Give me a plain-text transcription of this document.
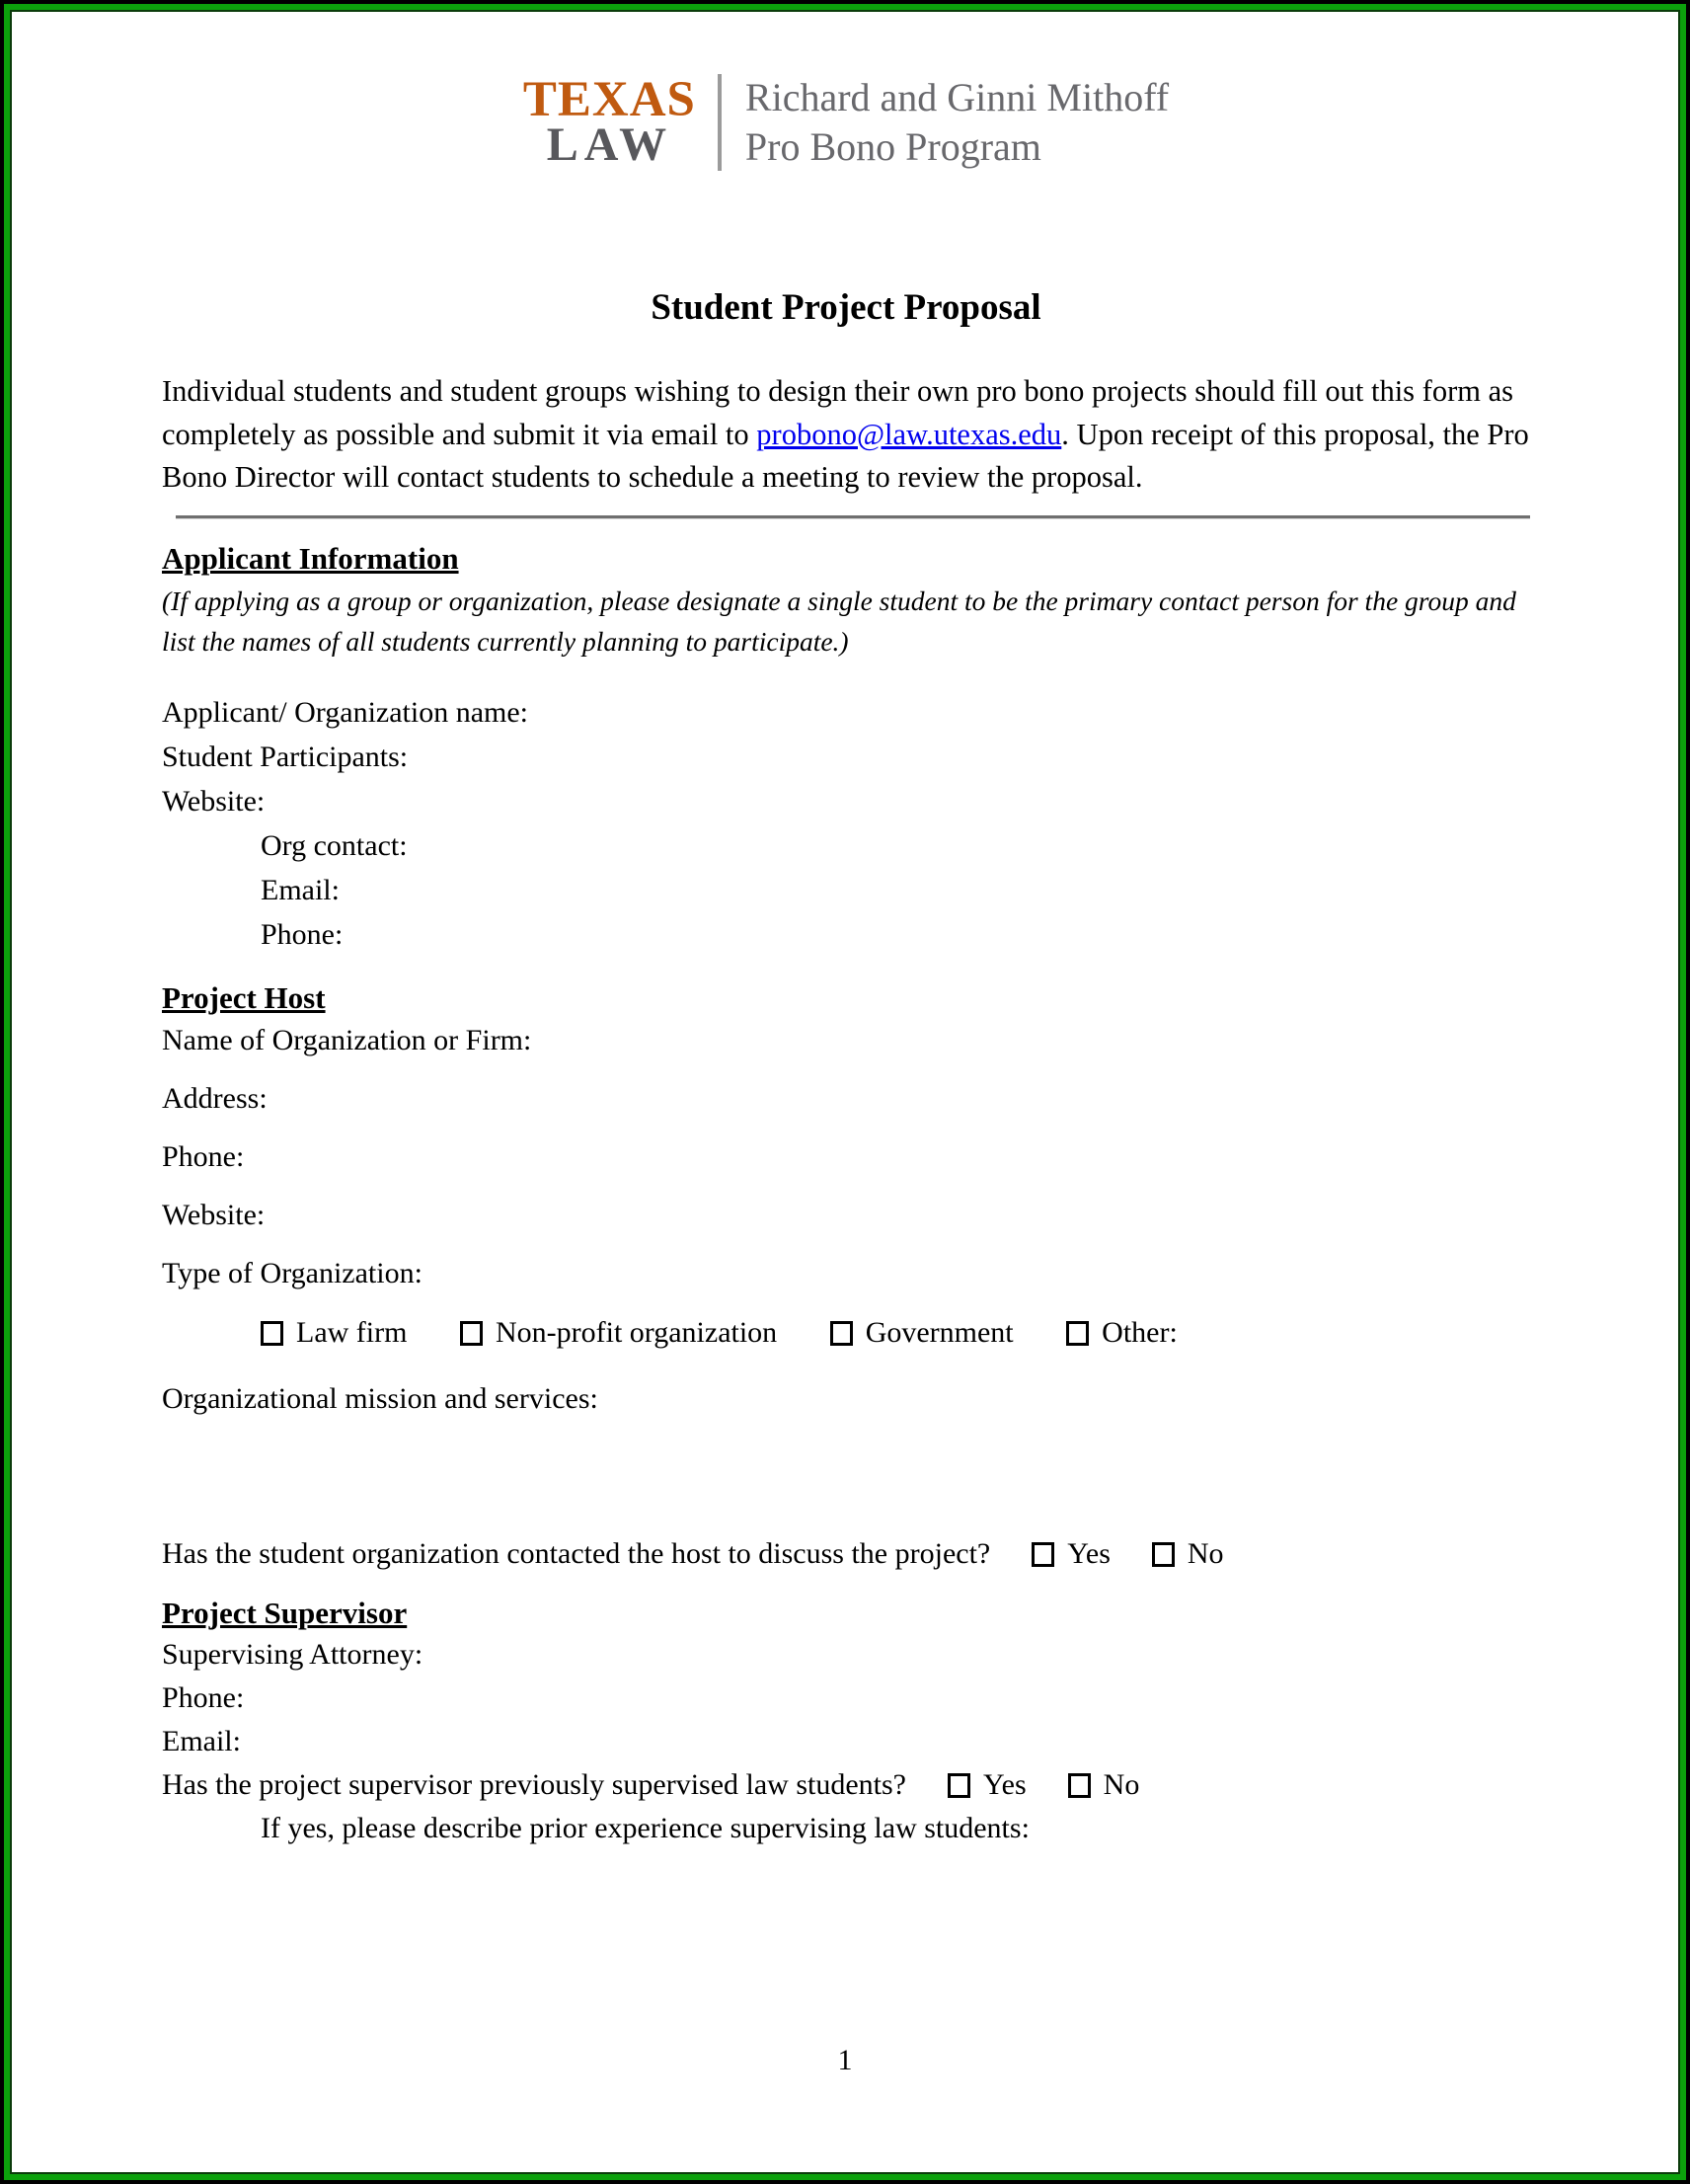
TEXAS
LAW
Richard and Ginni Mithoff
Pro Bono Program
Student Project Proposal
Individual students and student groups wishing to design their own pro bono projects should fill out this form as completely as possible and submit it via email to probono@law.utexas.edu. Upon receipt of this proposal, the Pro Bono Director will contact students to schedule a meeting to review the proposal.
Applicant Information
(If applying as a group or organization, please designate a single student to be the primary contact person for the group and list the names of all students currently planning to participate.)
Applicant/ Organization name:
Student Participants:
Website:
Org contact:
Email:
Phone:
Project Host
Name of Organization or Firm:
Address:
Phone:
Website:
Type of Organization:
Law firm	Non-profit organization	Government	Other:
Organizational mission and services:
Has the student organization contacted the host to discuss the project?	Yes	No
Project Supervisor
Supervising Attorney:
Phone:
Email:
Has the project supervisor previously supervised law students?	Yes	No
If yes, please describe prior experience supervising law students:
1
